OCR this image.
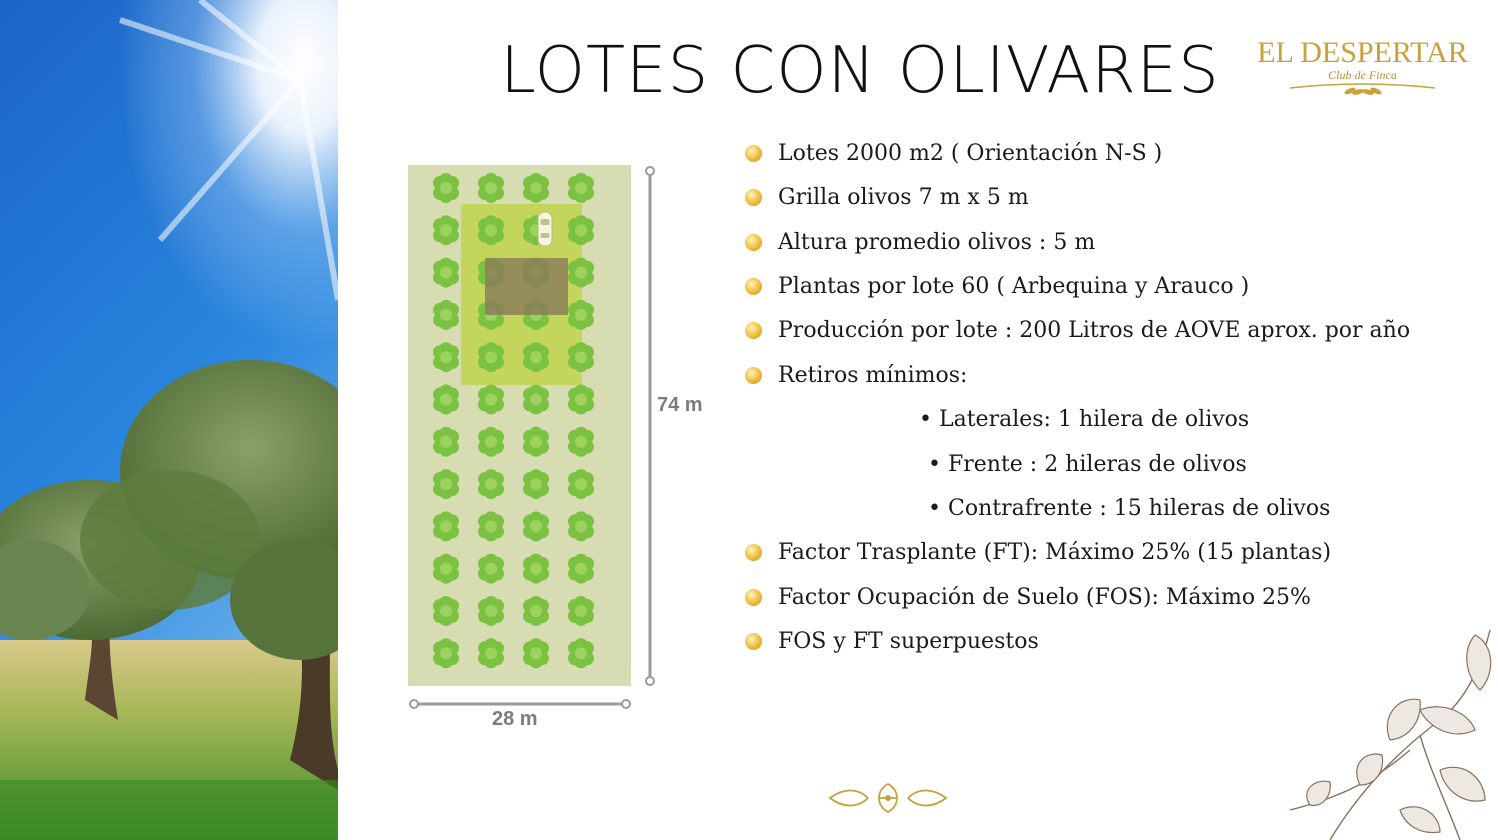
LOTES CON OLIVARES	EL DESPERTAR
Club de Finca
74 m
28 m
Lotes 2000 m2 ( Orientación N-S )
Grilla olivos 7 m x 5 m
Altura promedio olivos : 5 m
Plantas por lote 60 ( Arbequina y Arauco )
Producción por lote : 200 Litros de AOVE aprox. por año
Retiros mínimos:
• Laterales: 1 hilera de olivos
• Frente : 2 hileras de olivos
• Contrafrente : 15 hileras de olivos
Factor Trasplante (FT): Máximo 25% (15 plantas)
Factor Ocupación de Suelo (FOS): Máximo 25%
FOS y FT superpuestos
